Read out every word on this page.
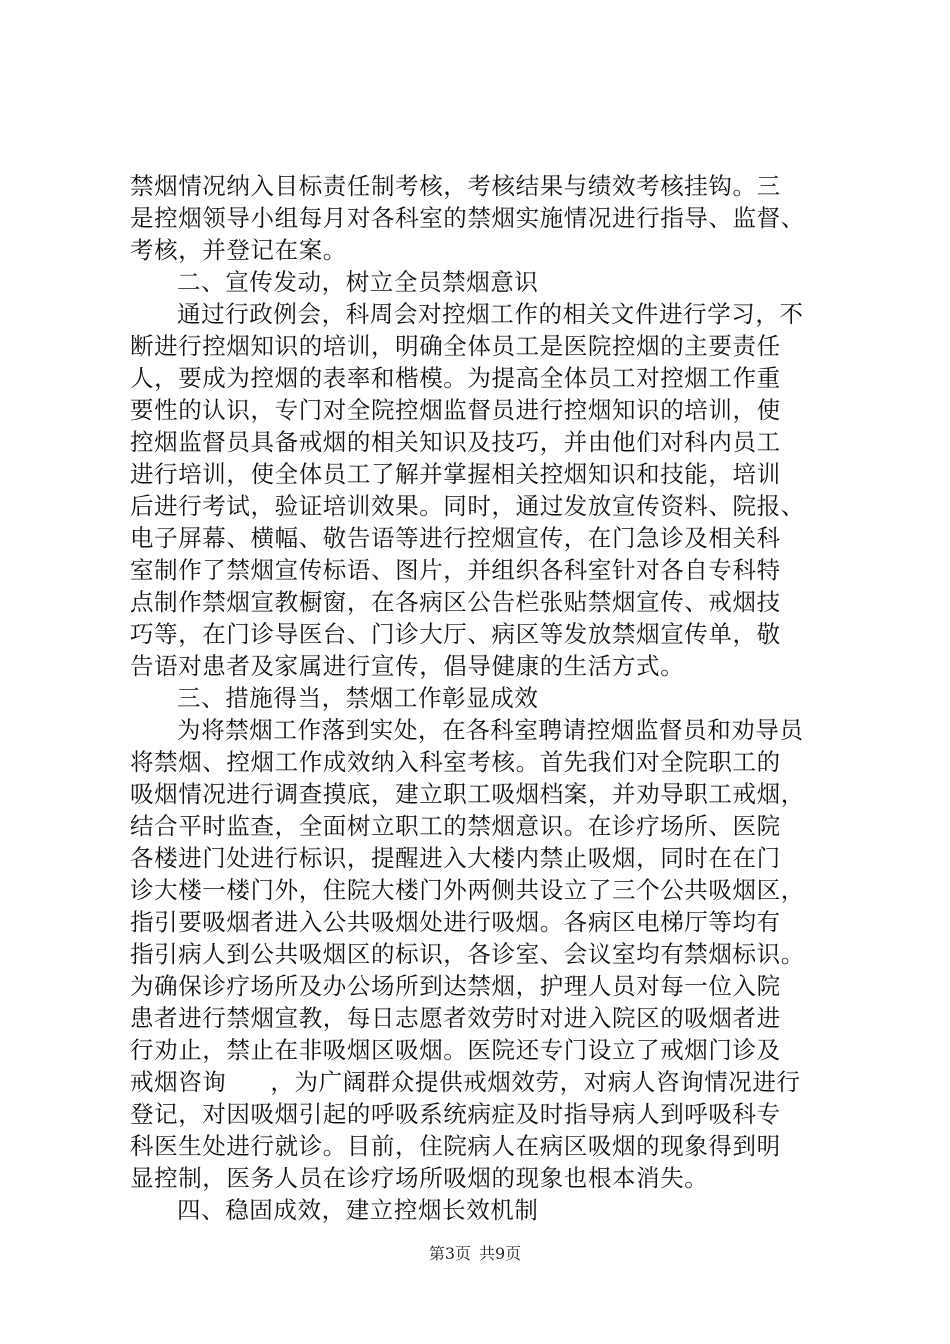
禁烟情况纳入目标责任制考核，考核结果与绩效考核挂钩。三
是控烟领导小组每月对各科室的禁烟实施情况进行指导、监督、
考核，并登记在案。
二、宣传发动，树立全员禁烟意识
通过行政例会，科周会对控烟工作的相关文件进行学习，不
断进行控烟知识的培训，明确全体员工是医院控烟的主要责任
人，要成为控烟的表率和楷模。为提高全体员工对控烟工作重
要性的认识，专门对全院控烟监督员进行控烟知识的培训，使
控烟监督员具备戒烟的相关知识及技巧，并由他们对科内员工
进行培训，使全体员工了解并掌握相关控烟知识和技能，培训
后进行考试，验证培训效果。同时，通过发放宣传资料、院报、
电子屏幕、横幅、敬告语等进行控烟宣传，在门急诊及相关科
室制作了禁烟宣传标语、图片，并组织各科室针对各自专科特
点制作禁烟宣教橱窗，在各病区公告栏张贴禁烟宣传、戒烟技
巧等，在门诊导医台、门诊大厅、病区等发放禁烟宣传单，敬
告语对患者及家属进行宣传，倡导健康的生活方式。
三、措施得当，禁烟工作彰显成效
为将禁烟工作落到实处，在各科室聘请控烟监督员和劝导员
将禁烟、控烟工作成效纳入科室考核。首先我们对全院职工的
吸烟情况进行调查摸底，建立职工吸烟档案，并劝导职工戒烟，
结合平时监查，全面树立职工的禁烟意识。在诊疗场所、医院
各楼进门处进行标识，提醒进入大楼内禁止吸烟，同时在在门
诊大楼一楼门外，住院大楼门外两侧共设立了三个公共吸烟区，
指引要吸烟者进入公共吸烟处进行吸烟。各病区电梯厅等均有
指引病人到公共吸烟区的标识，各诊室、会议室均有禁烟标识。
为确保诊疗场所及办公场所到达禁烟，护理人员对每一位入院
患者进行禁烟宣教，每日志愿者效劳时对进入院区的吸烟者进
行劝止，禁止在非吸烟区吸烟。医院还专门设立了戒烟门诊及
戒烟咨询 ，为广阔群众提供戒烟效劳，对病人咨询情况进行
登记，对因吸烟引起的呼吸系统病症及时指导病人到呼吸科专
科医生处进行就诊。目前，住院病人在病区吸烟的现象得到明
显控制，医务人员在诊疗场所吸烟的现象也根本消失。
四、稳固成效，建立控烟长效机制
第3页 共9页
